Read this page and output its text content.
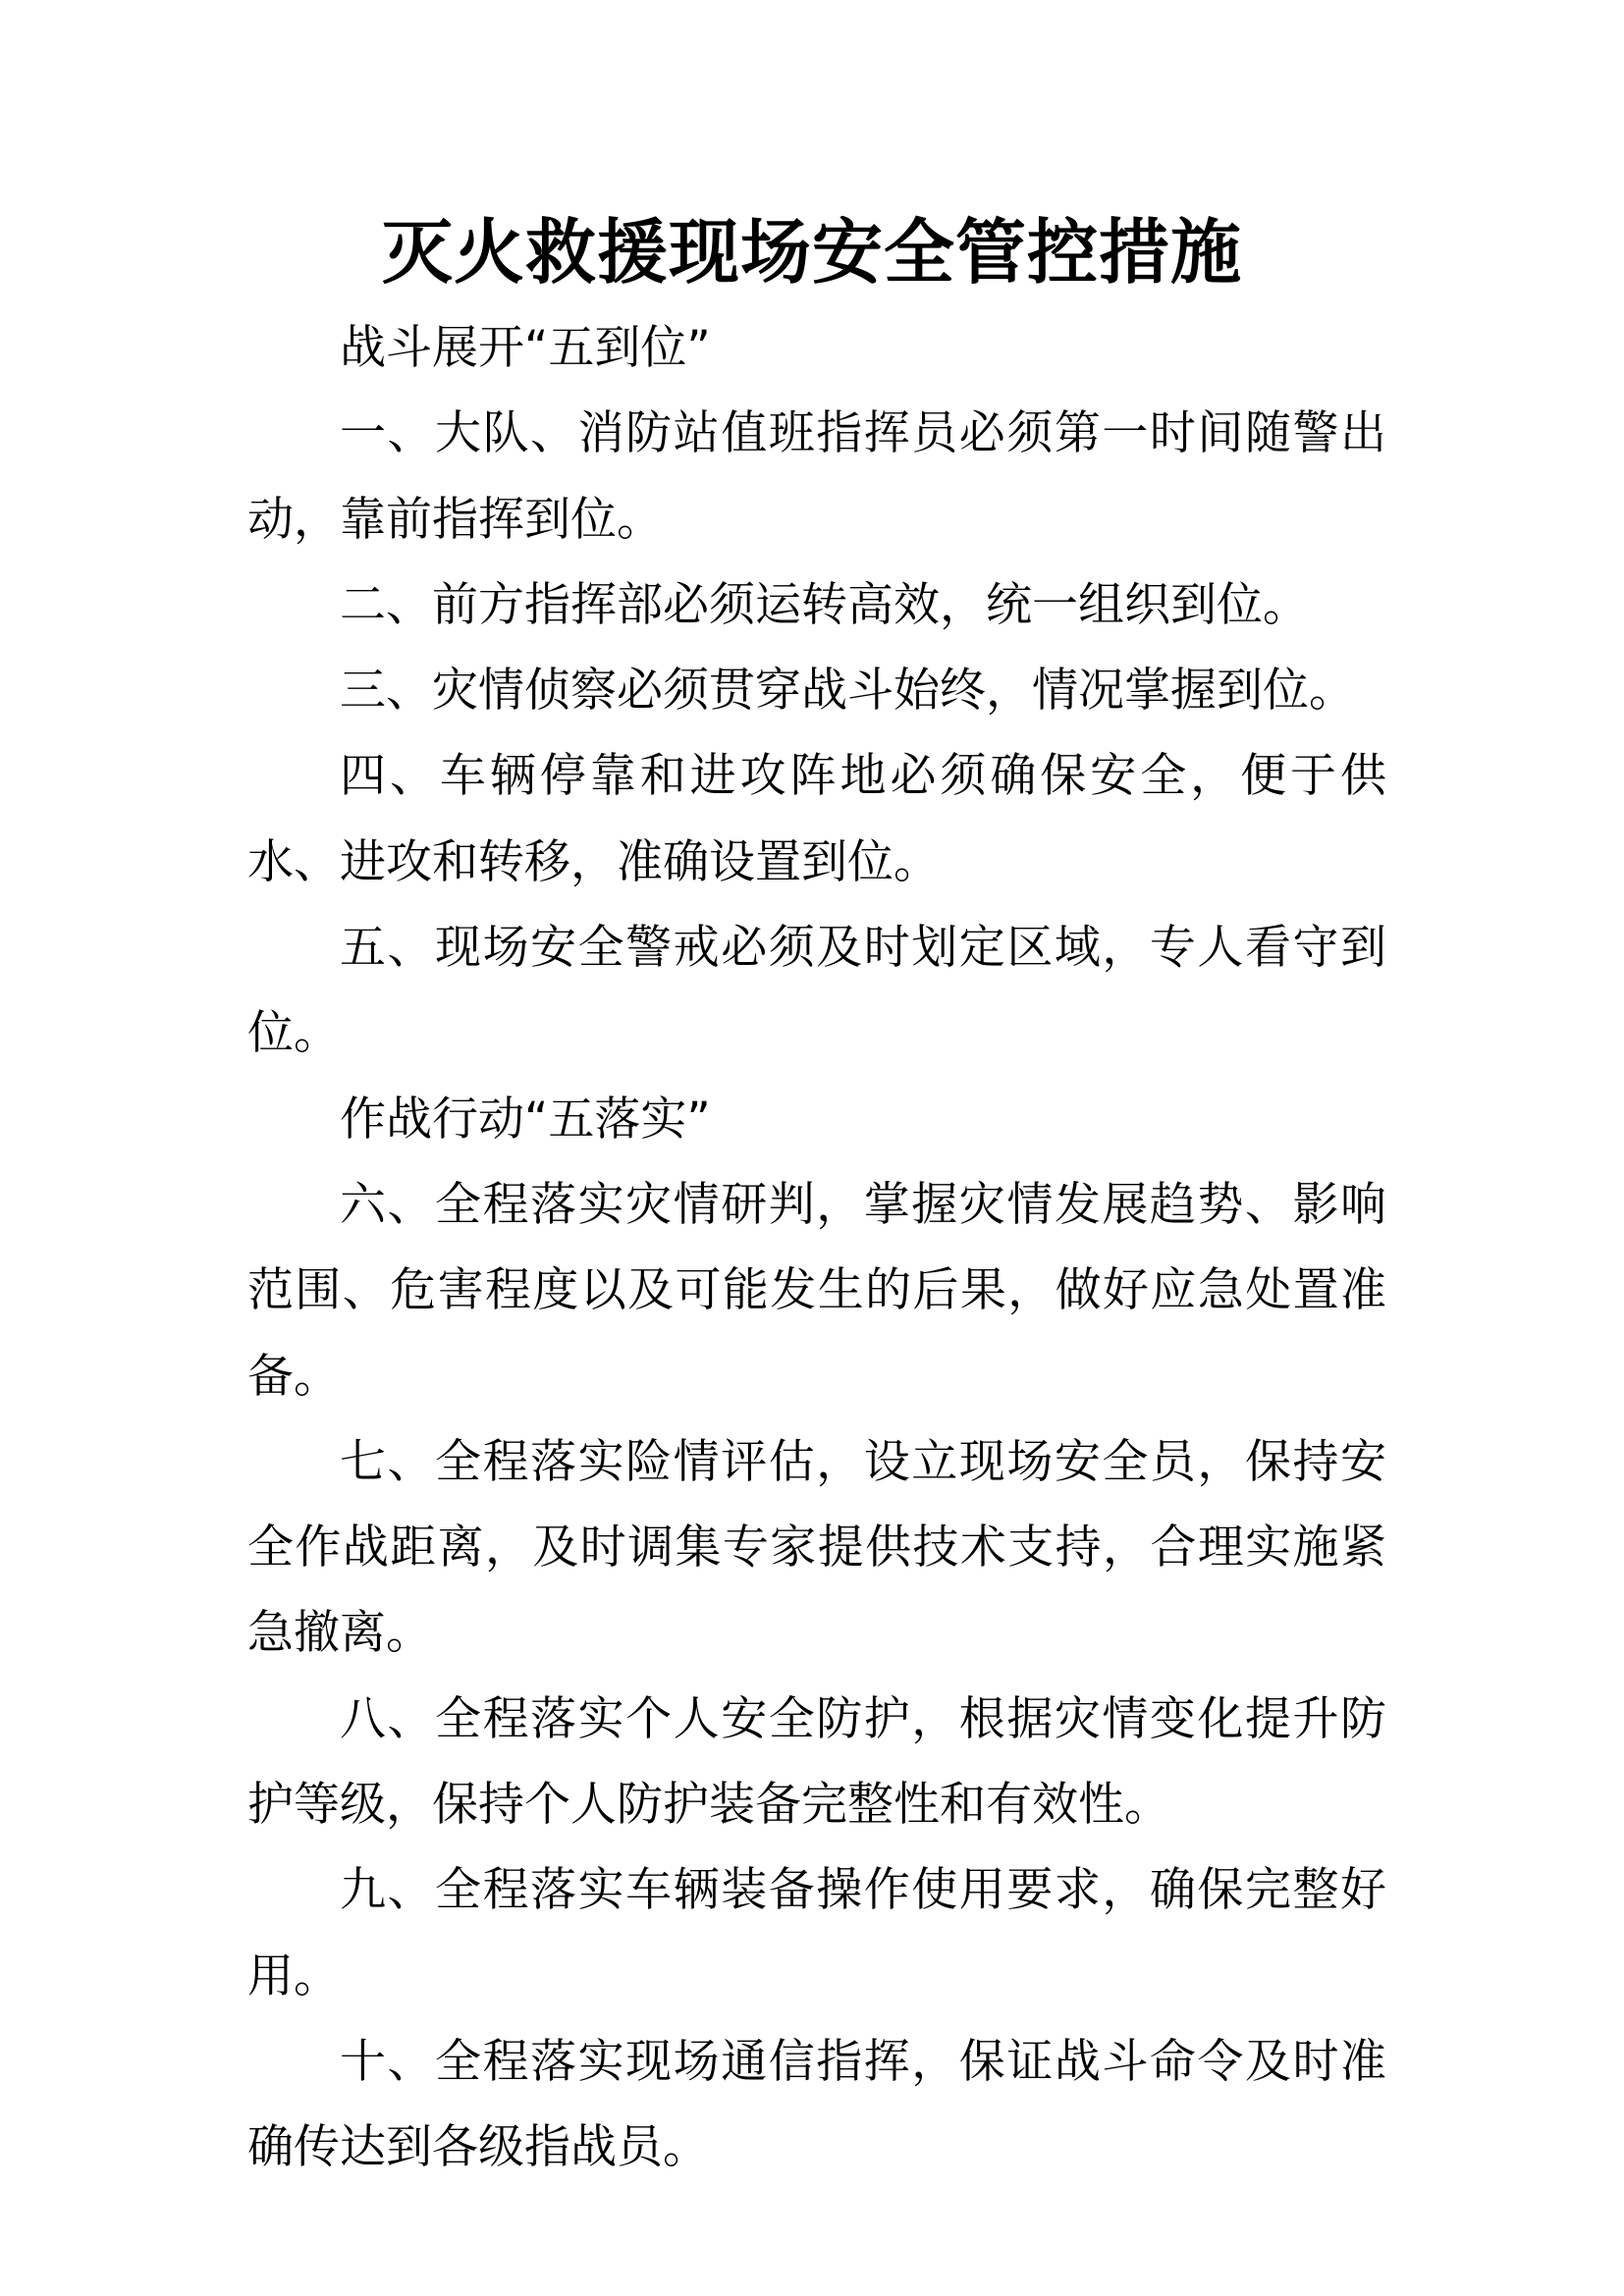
灭火救援现场安全管控措施

战斗展开“五到位”

一、大队、消防站值班指挥员必须第一时间随警出动，靠前指挥到位。

二、前方指挥部必须运转高效，统一组织到位。

三、灾情侦察必须贯穿战斗始终，情况掌握到位。

四、车辆停靠和进攻阵地必须确保安全，便于供水、进攻和转移，准确设置到位。

五、现场安全警戒必须及时划定区域，专人看守到位。

作战行动“五落实”

六、全程落实灾情研判，掌握灾情发展趋势、影响范围、危害程度以及可能发生的后果，做好应急处置准备。

七、全程落实险情评估，设立现场安全员，保持安全作战距离，及时调集专家提供技术支持，合理实施紧急撤离。

八、全程落实个人安全防护，根据灾情变化提升防护等级，保持个人防护装备完整性和有效性。

九、全程落实车辆装备操作使用要求，确保完整好用。

十、全程落实现场通信指挥，保证战斗命令及时准确传达到各级指战员。
